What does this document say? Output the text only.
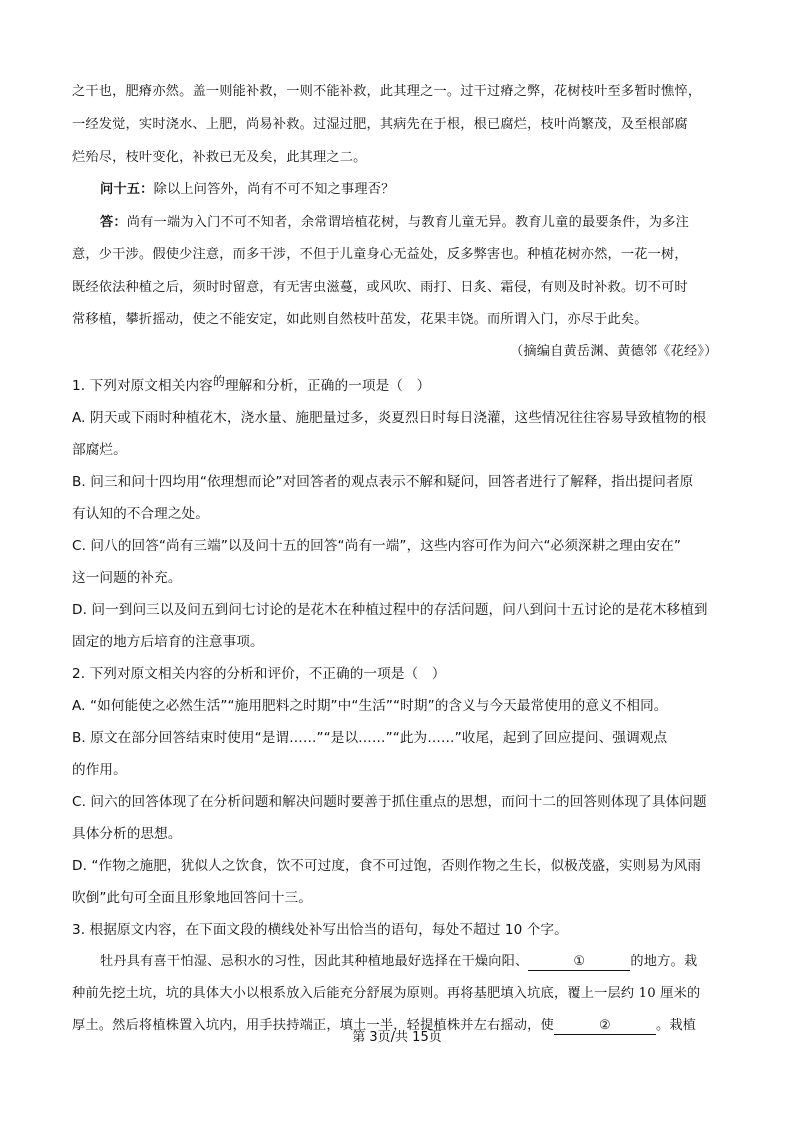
之干也，肥瘠亦然。盖一则能补救，一则不能补救，此其理之一。过干过瘠之弊，花树枝叶至多暂时憔悴，
一经发觉，实时浇水、上肥，尚易补救。过湿过肥，其病先在于根，根已腐烂，枝叶尚繁茂，及至根部腐
烂殆尽，枝叶变化，补救已无及矣，此其理之二。
问十五：除以上问答外，尚有不可不知之事理否？
答：尚有一端为入门不可不知者，余常谓培植花树，与教育儿童无异。教育儿童的最要条件，为多注
意，少干涉。假使少注意，而多干涉，不但于儿童身心无益处，反多弊害也。种植花树亦然，一花一树，
既经依法种植之后，须时时留意，有无害虫滋蔓，或风吹、雨打、日炙、霜侵，有则及时补救。切不可时
常移植，攀折摇动，使之不能安定，如此则自然枝叶茁发，花果丰饶。而所谓入门，亦尽于此矣。
（摘编自黄岳渊、黄德邻《花经》）
1. 下列对原文相关内容的理解和分析，正确的一项是（　）
A. 阴天或下雨时种植花木，浇水量、施肥量过多，炎夏烈日时每日浇灌，这些情况往往容易导致植物的根
部腐烂。
B. 问三和问十四均用“依理想而论”对回答者的观点表示不解和疑问，回答者进行了解释，指出提问者原
有认知的不合理之处。
C. 问八的回答“尚有三端”以及问十五的回答“尚有一端”，这些内容可作为问六“必须深耕之理由安在”
这一问题的补充。
D. 问一到问三以及问五到问七讨论的是花木在种植过程中的存活问题，问八到问十五讨论的是花木移植到
固定的地方后培育的注意事项。
2. 下列对原文相关内容的分析和评价，不正确的一项是（　）
A. “如何能使之必然生活”“施用肥料之时期”中“生活”“时期”的含义与今天最常使用的意义不相同。
B. 原文在部分回答结束时使用“是谓……”“是以……”“此为……”收尾，起到了回应提问、强调观点
的作用。
C. 问六的回答体现了在分析问题和解决问题时要善于抓住重点的思想，而问十二的回答则体现了具体问题
具体分析的思想。
D. “作物之施肥，犹似人之饮食，饮不可过度，食不可过饱，否则作物之生长，似极茂盛，实则易为风雨
吹倒”此句可全面且形象地回答问十三。
3. 根据原文内容，在下面文段的横线处补写出恰当的语句，每处不超过 10 个字。
牡丹具有喜干怕湿、忌积水的习性，因此其种植地最好选择在干燥向阳、	①	的地方。栽
种前先挖土坑，坑的具体大小以根系放入后能充分舒展为原则。再将基肥填入坑底，覆上一层约 10 厘米的
厚土。然后将植株置入坑内，用手扶持端正，填土一半，轻提植株并左右摇动，使	②	。栽植
第 3页/共 15页
